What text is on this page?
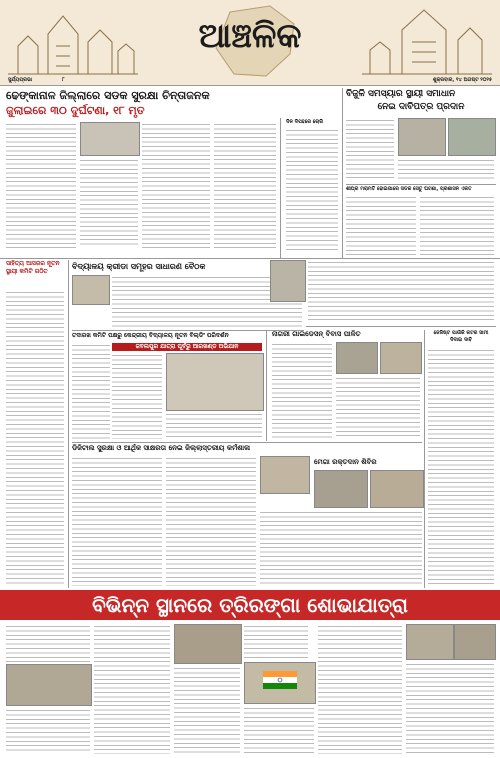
ଆଞ୍ଚଳିକ
ସୁର୍ଯ୍ୟପ୍ରଭା	୮	ଶୁକ୍ରବାର, ୧୪ ଅଗଷ୍ଟ ୨୦୨୫
ଢେଙ୍କାନାଳ ଜିଲ୍ଲାରେ ସଡକ ସୁରକ୍ଷା ଚିନ୍ତାଜନକ
ଜୁଲାଇରେ ୩୦ ଦୁର୍ଘଟଣା, ୧୮ ମୃତ
ଦିନ ଦିପହରେ ଚୋରି
ବିଜୁଳି ସମସ୍ୟାର ସ୍ଥାୟୀ ସମାଧାନ
ନେଇ ଦାବିପତ୍ର ପ୍ରଦାନ
ଶୀଘ୍ର ମରାମତି ହୋଇପାରେ ସଡକ ସେତୁ ଘଟଣା, ପ୍ରଶାସନ ଏକତ
ସାହିତ୍ୟ ଆସରର ନୂତନ ସ୍ଥାୟୀ କମିଟି ଗଠିତ
ବିଦ୍ୟାଳୟ କ୍ରୀଡା ସମୂହର ସାଧାରଣ ବୈଠକ
ତଦାରଖ କମିଟି ପକ୍ଷରୁ କେନ୍ଦ୍ରୀୟ ବିଦ୍ୟାଳୟ ନୂତନ ବିଲ୍ଡିଂ ପରିଦର୍ଶନ
ଜବଲପୁର ଯାତ୍ରା ପୂର୍ବରୁ ଆରଖଣ୍ଡ ଅଭିଯାନ
ନାଗରୀ ଗାଇଡେସନ୍ ବିବାସ ପାଳିତ	ଜେଜିଷ୍ଟ ପାଉଁକି କଟର ସାମୀ ଦିଦାଇ ଦାବି
ଡିଜିଟାଲ ସୁରକ୍ଷା ଓ ଆର୍ଥିକ ସାକ୍ଷରତା ନେଇ ଜିଲ୍ଲାସ୍ତରୀୟ କର୍ମଶାଳା
ମେଗା ରକ୍ତଦାନ ଶିବିର
ବିଭିନ୍ନ ସ୍ଥାନରେ ତ୍ରିରଙ୍ଗା ଶୋଭାଯାତ୍ରା
